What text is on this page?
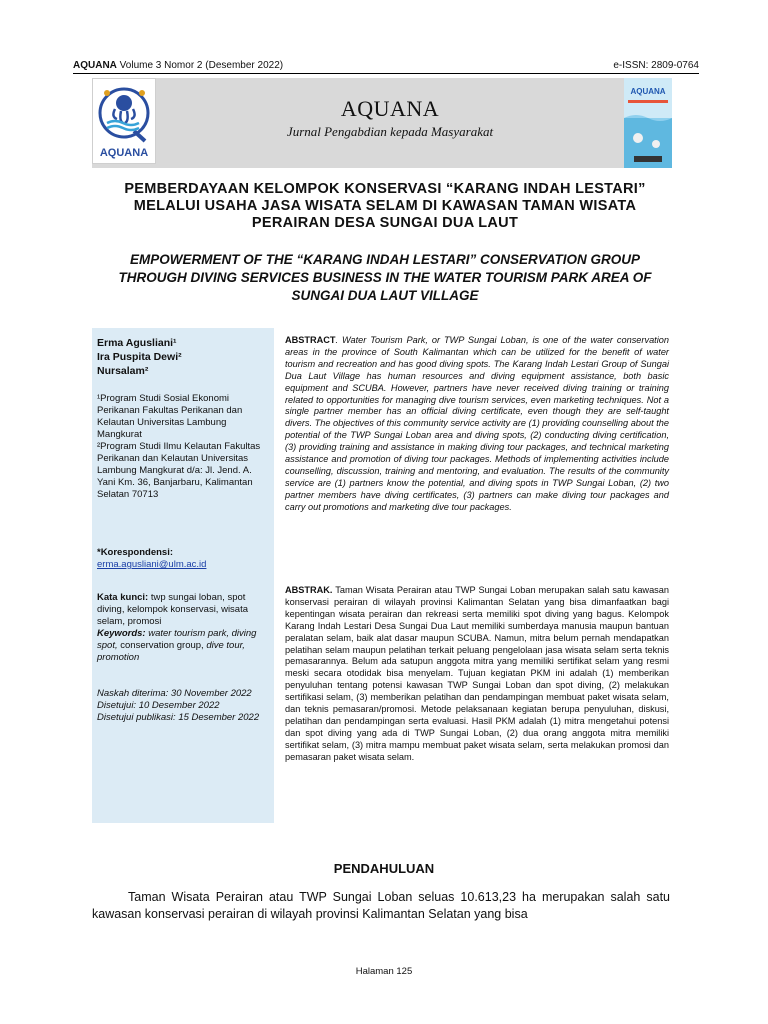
AQUANA Volume 3 Nomor 2 (Desember 2022)	e-ISSN: 2809-0764
AQUANA
AQUANA
Jurnal Pengabdian kepada Masyarakat
AQUANA
PEMBERDAYAAN KELOMPOK KONSERVASI “KARANG INDAH LESTARI” MELALUI USAHA JASA WISATA SELAM DI KAWASAN TAMAN WISATA PERAIRAN DESA SUNGAI DUA LAUT
EMPOWERMENT OF THE “KARANG INDAH LESTARI” CONSERVATION GROUP THROUGH DIVING SERVICES BUSINESS IN THE WATER TOURISM PARK AREA OF SUNGAI DUA LAUT VILLAGE
Erma Agusliani¹
Ira Puspita Dewi²
Nursalam²
¹Program Studi Sosial Ekonomi Perikanan Fakultas Perikanan dan Kelautan Universitas Lambung Mangkurat
²Program Studi Ilmu Kelautan Fakultas Perikanan dan Kelautan Universitas Lambung Mangkurat d/a: Jl. Jend. A. Yani Km. 36, Banjarbaru, Kalimantan Selatan 70713
*Korespondensi:
erma.agusliani@ulm.ac.id
Kata kunci: twp sungai loban, spot diving, kelompok konservasi, wisata selam, promosi
Keywords: water tourism park, diving spot, conservation group, dive tour, promotion
Naskah diterima: 30 November 2022
Disetujui: 10 Desember 2022
Disetujui publikasi: 15 Desember 2022
ABSTRACT. Water Tourism Park, or TWP Sungai Loban, is one of the water conservation areas in the province of South Kalimantan which can be utilized for the benefit of water tourism and recreation and has good diving spots. The Karang Indah Lestari Group of Sungai Dua Laut Village has human resources and diving equipment assistance, both basic equipment and SCUBA. However, partners have never received diving training or training related to opportunities for managing dive tourism services, even marketing techniques. Not a single partner member has an official diving certificate, even though they are self-taught divers. The objectives of this community service activity are (1) providing counselling about the potential of the TWP Sungai Loban area and diving spots, (2) conducting diving certification, (3) providing training and assistance in making diving tour packages, and technical marketing assistance and promotion of diving tour packages. Methods of implementing activities include counselling, discussion, training and mentoring, and evaluation. The results of the community service are (1) partners know the potential, and diving spots in TWP Sungai Loban, (2) two partner members have diving certificates, (3) partners can make diving tour packages and carry out promotions and marketing dive tour packages.
ABSTRAK. Taman Wisata Perairan atau TWP Sungai Loban merupakan salah satu kawasan konservasi perairan di wilayah provinsi Kalimantan Selatan yang bisa dimanfaatkan bagi kepentingan wisata perairan dan rekreasi serta memiliki spot diving yang bagus. Kelompok Karang Indah Lestari Desa Sungai Dua Laut memiliki sumberdaya manusia maupun bantuan peralatan selam, baik alat dasar maupun SCUBA. Namun, mitra belum pernah mendapatkan pelatihan selam maupun pelatihan terkait peluang pengelolaan jasa wisata selam serta teknis pemasarannya. Belum ada satupun anggota mitra yang memiliki sertifikat selam yang resmi meski secara otodidak bisa menyelam. Tujuan kegiatan PKM ini adalah (1) memberikan penyuluhan tentang potensi kawasan TWP Sungai Loban dan spot diving, (2) melakukan sertifikasi selam, (3) memberikan pelatihan dan pendampingan membuat paket wisata selam, dan teknis pemasaran/promosi. Metode pelaksanaan kegiatan berupa penyuluhan, diskusi, pelatihan dan pendampingan serta evaluasi. Hasil PKM adalah (1) mitra mengetahui potensi dan spot diving yang ada di TWP Sungai Loban, (2) dua orang anggota mitra memiliki sertifikat selam, (3) mitra mampu membuat paket wisata selam, serta melakukan promosi dan pemasaran paket wisata selam.
PENDAHULUAN
Taman Wisata Perairan atau TWP Sungai Loban seluas 10.613,23 ha merupakan salah satu kawasan konservasi perairan di wilayah provinsi Kalimantan Selatan yang bisa
Halaman 125
